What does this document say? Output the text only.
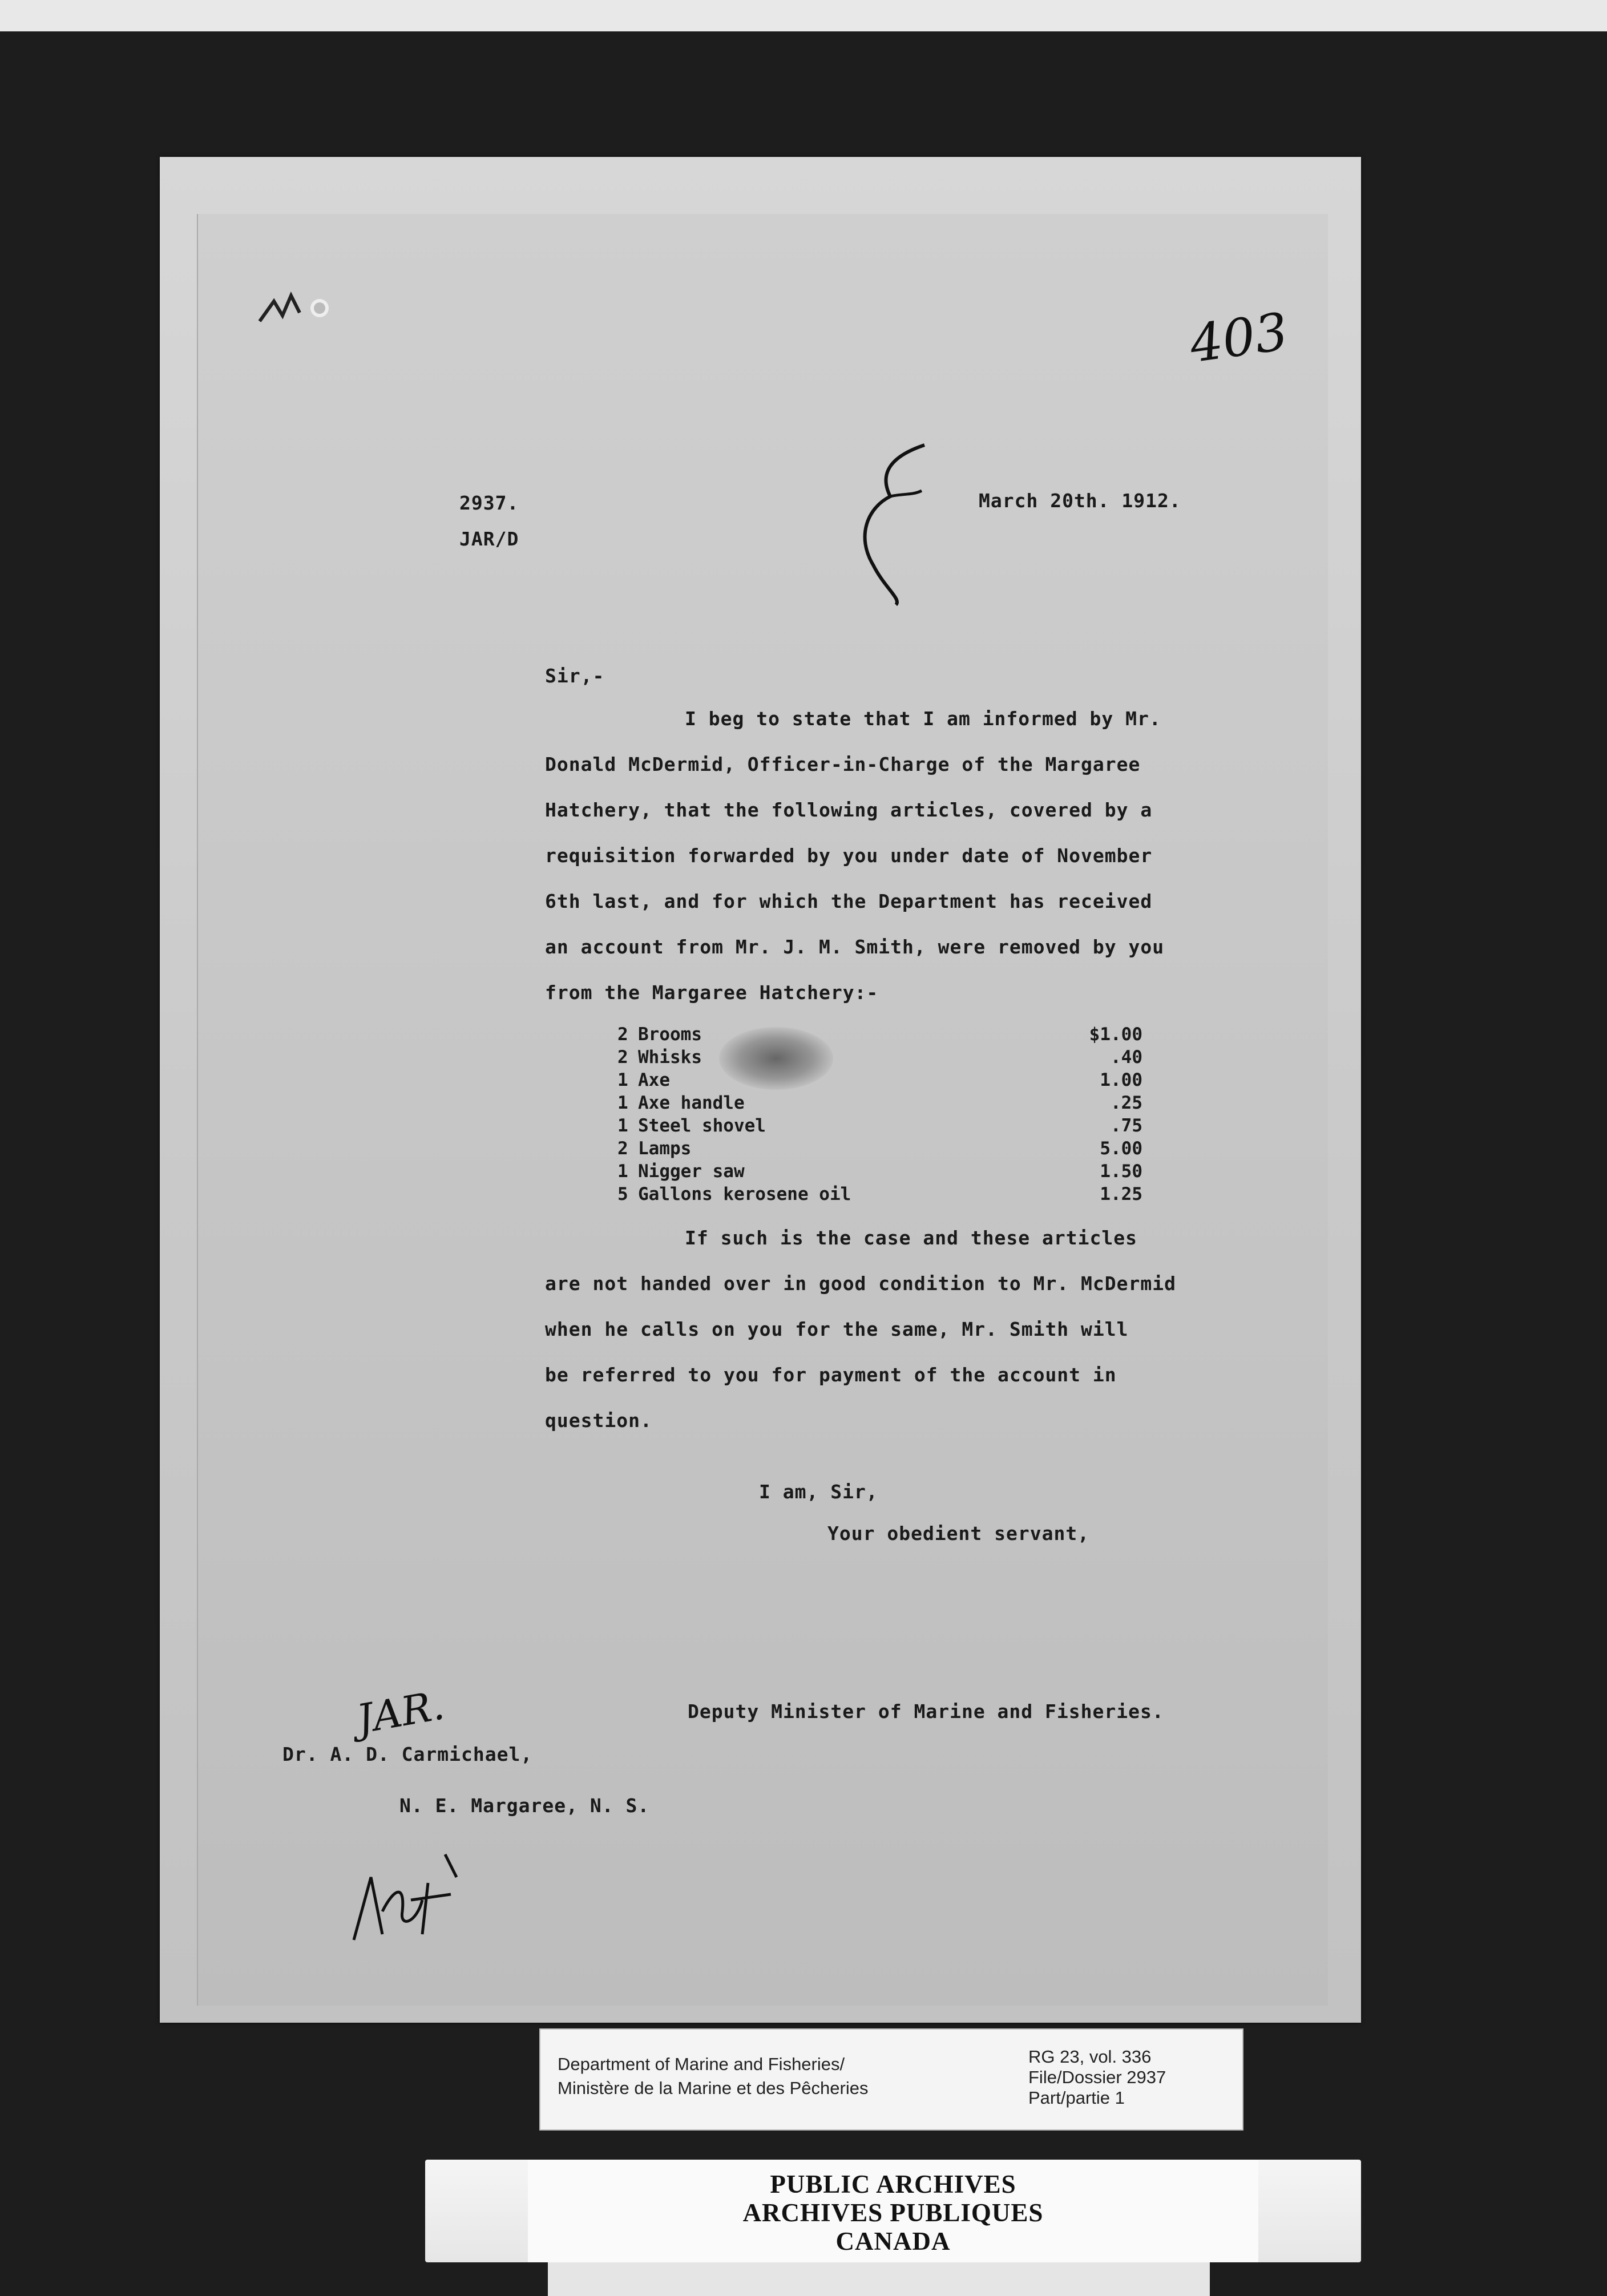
403
2937.
JAR/D
March 20th. 1912.
Sir,-
I beg to state that I am informed by Mr.
Donald McDermid, Officer-in-Charge of the Margaree
Hatchery, that the following articles, covered by a
requisition forwarded by you under date of November
6th last, and for which the Department has received
an account from Mr. J. M. Smith, were removed by you
from the Margaree Hatchery:-
2 Brooms	$1.00
2 Whisks	.40
1 Axe	1.00
1 Axe handle	.25
1 Steel shovel	.75
2 Lamps	5.00
1 Nigger saw	1.50
5 Gallons kerosene oil	1.25
If such is the case and these articles
are not handed over in good condition to Mr. McDermid
when he calls on you for the same, Mr. Smith will
be referred to you for payment of the account in
question.
I am, Sir,
Your obedient servant,
Deputy Minister of Marine and Fisheries.
Dr. A. D. Carmichael,
N. E. Margaree, N. S.
JAR.
Department of Marine and Fisheries/
Ministère de la Marine et des Pêcheries
RG 23, vol. 336
File/Dossier 2937
Part/partie 1
PUBLIC ARCHIVES
ARCHIVES PUBLIQUES
CANADA
